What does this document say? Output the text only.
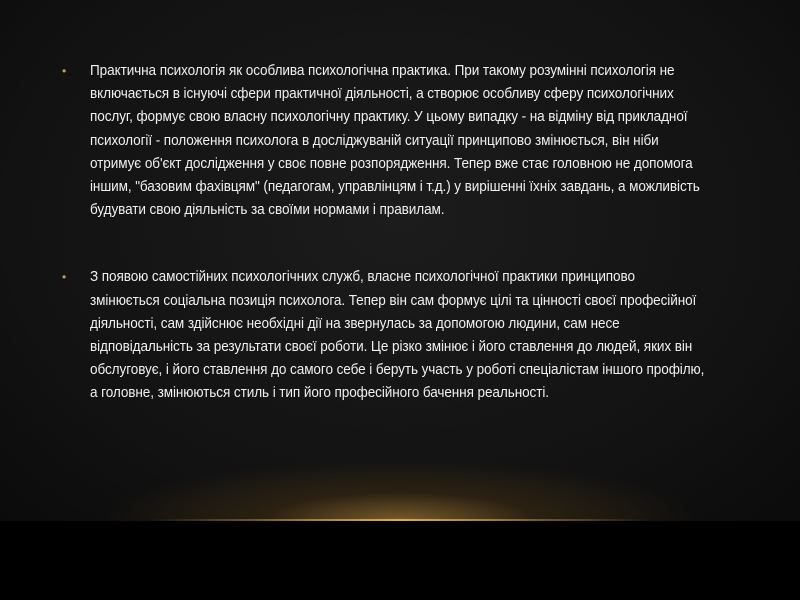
•	Практична психологія як особлива психологічна практика. При такому розумінні психологія не включається в існуючі сфери практичної діяльності, а створює особливу сферу психологічних послуг, формує свою власну психологічну практику. У цьому випадку - на відміну від прикладної психології - положення психолога в досліджуваній ситуації принципово змінюється, він ніби отримує об'єкт дослідження у своє повне розпорядження. Тепер вже стає головною не допомога іншим, "базовим фахівцям" (педагогам, управлінцям і т.д.) у вирішенні їхніх завдань, а можливість будувати свою діяльність за своїми нормами і правилам.

•	З появою самостійних психологічних служб, власне психологічної практики принципово змінюється соціальна позиція психолога. Тепер він сам формує цілі та цінності своєї професійної діяльності, сам здійснює необхідні дії на звернулась за допомогою людини, сам несе відповідальність за результати своєї роботи. Це різко змінює і його ставлення до людей, яких він обслуговує, і його ставлення до самого себе і беруть участь у роботі спеціалістам іншого профілю, а головне, змінюються стиль і тип його професійного бачення реальності.
